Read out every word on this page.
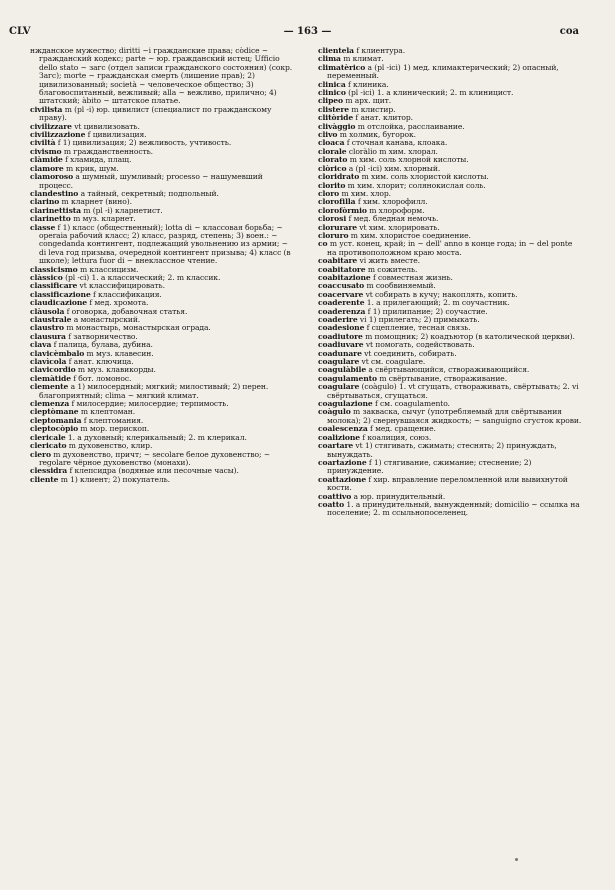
CLV	— 163 —	coa

нжданское мужество; diritti ~i гражданские права; còdice ~ гражданский кодекс; parte ~ юр. гражданский истец; Ufficio dello stato ~ загс (отдел записи гражданского состояния) (сокр. Загс); morte ~ гражданская смерть (лишение прав); 2) цивилизованный; società ~ человеческое общество; 3) благовоспитанный, вежливый; alla ~ вежливо, прилично; 4) штатский; àbito ~ штатское платье.

civilista m (pl -i) юр. цивилист (специалист по гражданскому праву).

civilizzare vt цивилизовать.

civilizzazione f цивилизация.

civiltà f 1) цивилизация; 2) вежливость, учтивость.

civismo m гражданственность.

clàmide f хламида, плащ.

clamore m крик, шум.

clamoroso a шумный, шумливый; processo ~ нашумевший процесс.

clandestino a тайный, секретный; подпольный.

clarino m кларнет (вино).

clarinettista m (pl -i) кларнетист.

clarinetto m муз. кларнет.

classe f 1) класс (общественный); lotta di ~ классовая борьба; ~ operaia рабочий класс; 2) класс, разряд, степень; 3) воен.: ~ congedanda контингент, подлежащий увольнению из армии; ~ di leva год призыва, очередной контингент призыва; 4) класс (в школе); lettura fuor di ~ внеклассное чтение.

classicismo m классицизм.

clàssico (pl -ci) 1. a классический; 2. m классик.

classificare vt классифицировать.

classificazione f классификация.

claudicazione f мед. хромота.

clàusola f оговорка, добавочная статья.

claustrale a монастырский.

claustro m монастырь, монастырская ограда.

clausura f затворничество.

clava f палица, булава, дубина.

clavicèmbalo m муз. клавесин.

clavìcola f анат. ключица.

clavicordio m муз. клавикорды.

clemàtide f бот. ломонос.

clemente a 1) милосердный; мягкий; милостивый; 2) перен. благоприятный; clima ~ мягкий климат.

clemenza f милосердие; милосердие; терпимость.

cleptòmane m клептоман.

cleptomania f клептомания.

cleptocòpio m мор. перископ.

clericale 1. a духовный; клерикальный; 2. m клерикал.

clericato m духовенство, клир.

clero m духовенство, причт; ~ secolare белое духовенство; ~ regolare чёрное духовенство (монахи).

clessidra f клепсидра (водяные или песочные часы).

cliente m 1) клиент; 2) покупатель.

clientela f клиентура.

clima m климат.

climatèrico a (pl -ici) 1) мед. климактерический; 2) опасный, переменный.

clinica f клиника.

clinico (pl -ici) 1. a клинический; 2. m клиницист.

clipeo m арх. щит.

clistere m клистир.

clitòride f анат. клитор.

clivàggio m отслойка, расслаивание.

clivo m холмик, бугорок.

cloaca f сточная канава, клоака.

clorale cloràlio m хим. хлорал.

clorato m хим. соль хлорной кислоты.

clòrico a (pl -ici) хим. хлорный.

cloridrato m хим. соль хлористой кислоты.

clorito m хим. хлорит; солянокислая соль.

cloro m хим. хлор.

clorofilla f хим. хлорофилл.

clorofòrmio m хлороформ.

clorosi f мед. бледная немочь.

clorurare vt хим. хлорировать.

cloruro m хим. хлористое соединение.

co m уст. конец, край; in ~ dell' anno в конце года; in ~ del ponte на противоположном краю моста.

coabitare vi жить вместе.

coabitatore m сожитель.

coabitazione f совместная жизнь.

coaccusato m сообвиняемый.

coacervare vt собирать в кучу; накоплять, копить.

coaderente 1. a прилегающий; 2. m соучастник.

coaderenza f 1) прилипание; 2) соучастие.

coaderire vi 1) прилегать; 2) примыкать.

coadesione f сцепление, тесная связь.

coadiutore m помощник; 2) коадъютор (в католической церкви).

coadiuvare vt помогать, содействовать.

coadunare vt соединить, собирать.

coagulare vt см. coagulare.

coagulàbile a свёртывающийся, створаживающийся.

coagulamento m свёртывание, створаживание.

coagulare (coàgulo) 1. vt сгущать, створаживать, свёртывать; 2. vi свёртываться, сгущаться.

coagulazione f см. coagulamento.

coàgulo m закваска, сычуг (употребляемый для свёртывания молока); 2) свернувшаяся жидкость; ~ sanguigno сгусток крови.

coalescenza f мед. сращение.

coalizione f коалиция, союз.

coartare vt 1) стягивать, сжимать; стеснять; 2) принуждать, вынуждать.

coartazione f 1) стягивание, сжимание; стеснение; 2) принуждение.

coattazione f хир. вправление переломленной или вывихнутой кости.

coattivo a юр. принудительный.

coatto 1. a принудительный, вынужденный; domicilio ~ ссылка на поселение; 2. m ссыльнопоселенец.
